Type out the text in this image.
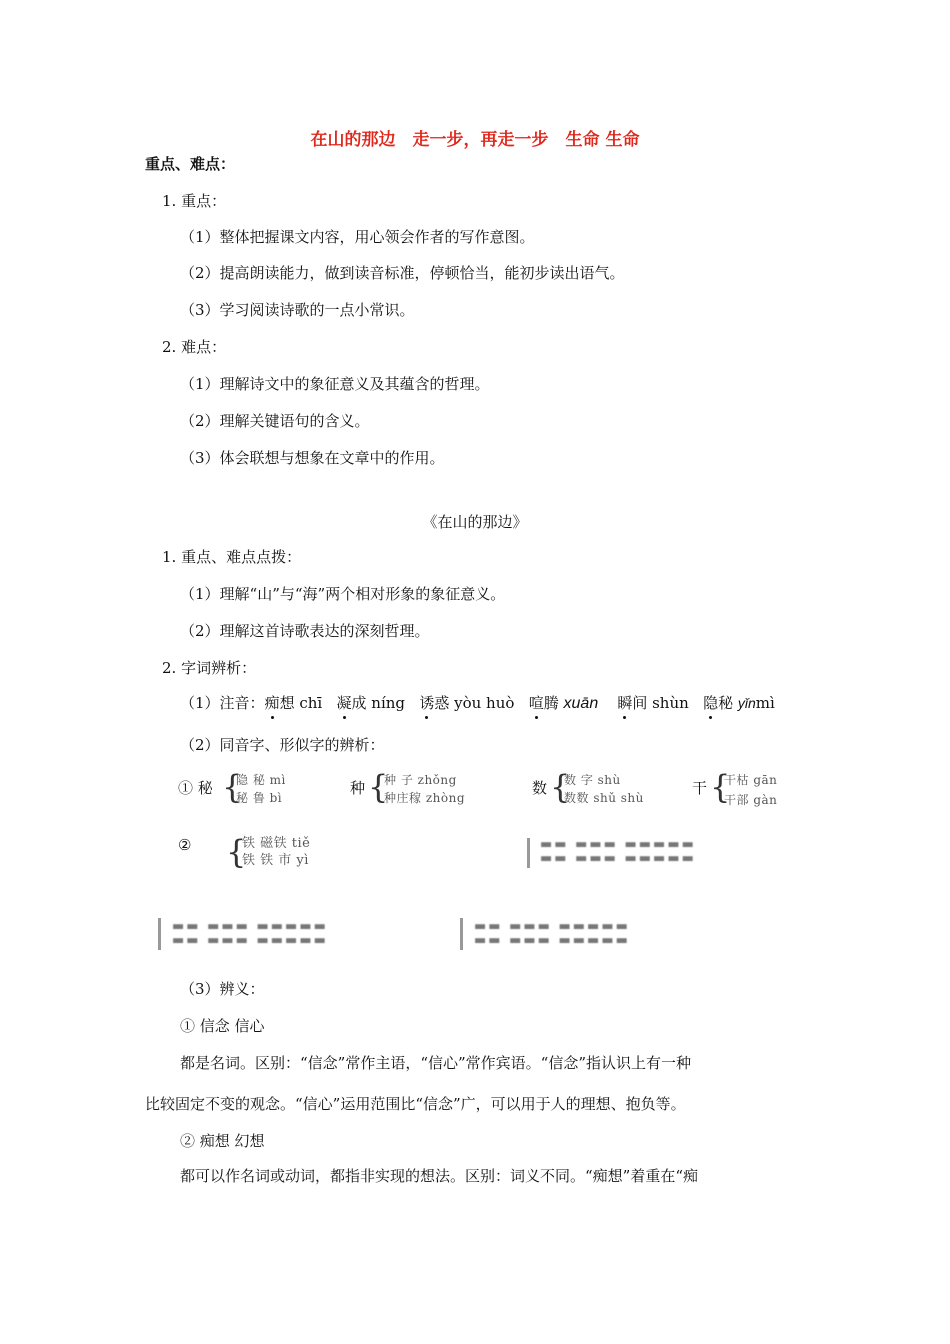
在山的那边　走一步，再走一步　生命 生命
重点、难点：
1. 重点：
（1）整体把握课文内容，用心领会作者的写作意图。
（2）提高朗读能力，做到读音标准，停顿恰当，能初步读出语气。
（3）学习阅读诗歌的一点小常识。
2. 难点：
（1）理解诗文中的象征意义及其蕴含的哲理。
（2）理解关键语句的含义。
（3）体会联想与想象在文章中的作用。
《在山的那边》
1. 重点、难点点拨：
（1）理解“山”与“海”两个相对形象的象征意义。
（2）理解这首诗歌表达的深刻哲理。
2. 字词辨析：
（1）注音：痴想 chī 凝成 níng 诱惑 yòu huò 喧腾 xuān 瞬间 shùn 隐秘 yǐnmì
（2）同音字、形似字的辨析：
① 秘 {
隐 秘 mì
秘 鲁 bì
种 {
种 子 zhǒng
种庄稼 zhòng
数 {
数 字 shù
数数 shǔ shù
干 {
干枯 gān
干部 gàn
② {
铁 磁铁 tiě
铁 铁 市 yì
▬▬ ▬▬▬ ▬▬▬▬▬
▬▬ ▬▬▬ ▬▬▬▬▬
▬▬ ▬▬▬ ▬▬▬▬▬
▬▬ ▬▬▬ ▬▬▬▬▬
▬▬ ▬▬▬ ▬▬▬▬▬
▬▬ ▬▬▬ ▬▬▬▬▬
（3）辨义：
① 信念 信心
都是名词。区别：“信念”常作主语，“信心”常作宾语。“信念”指认识上有一种
比较固定不变的观念。“信心”运用范围比“信念”广，可以用于人的理想、抱负等。
② 痴想 幻想
都可以作名词或动词，都指非实现的想法。区别：词义不同。“痴想”着重在“痴
